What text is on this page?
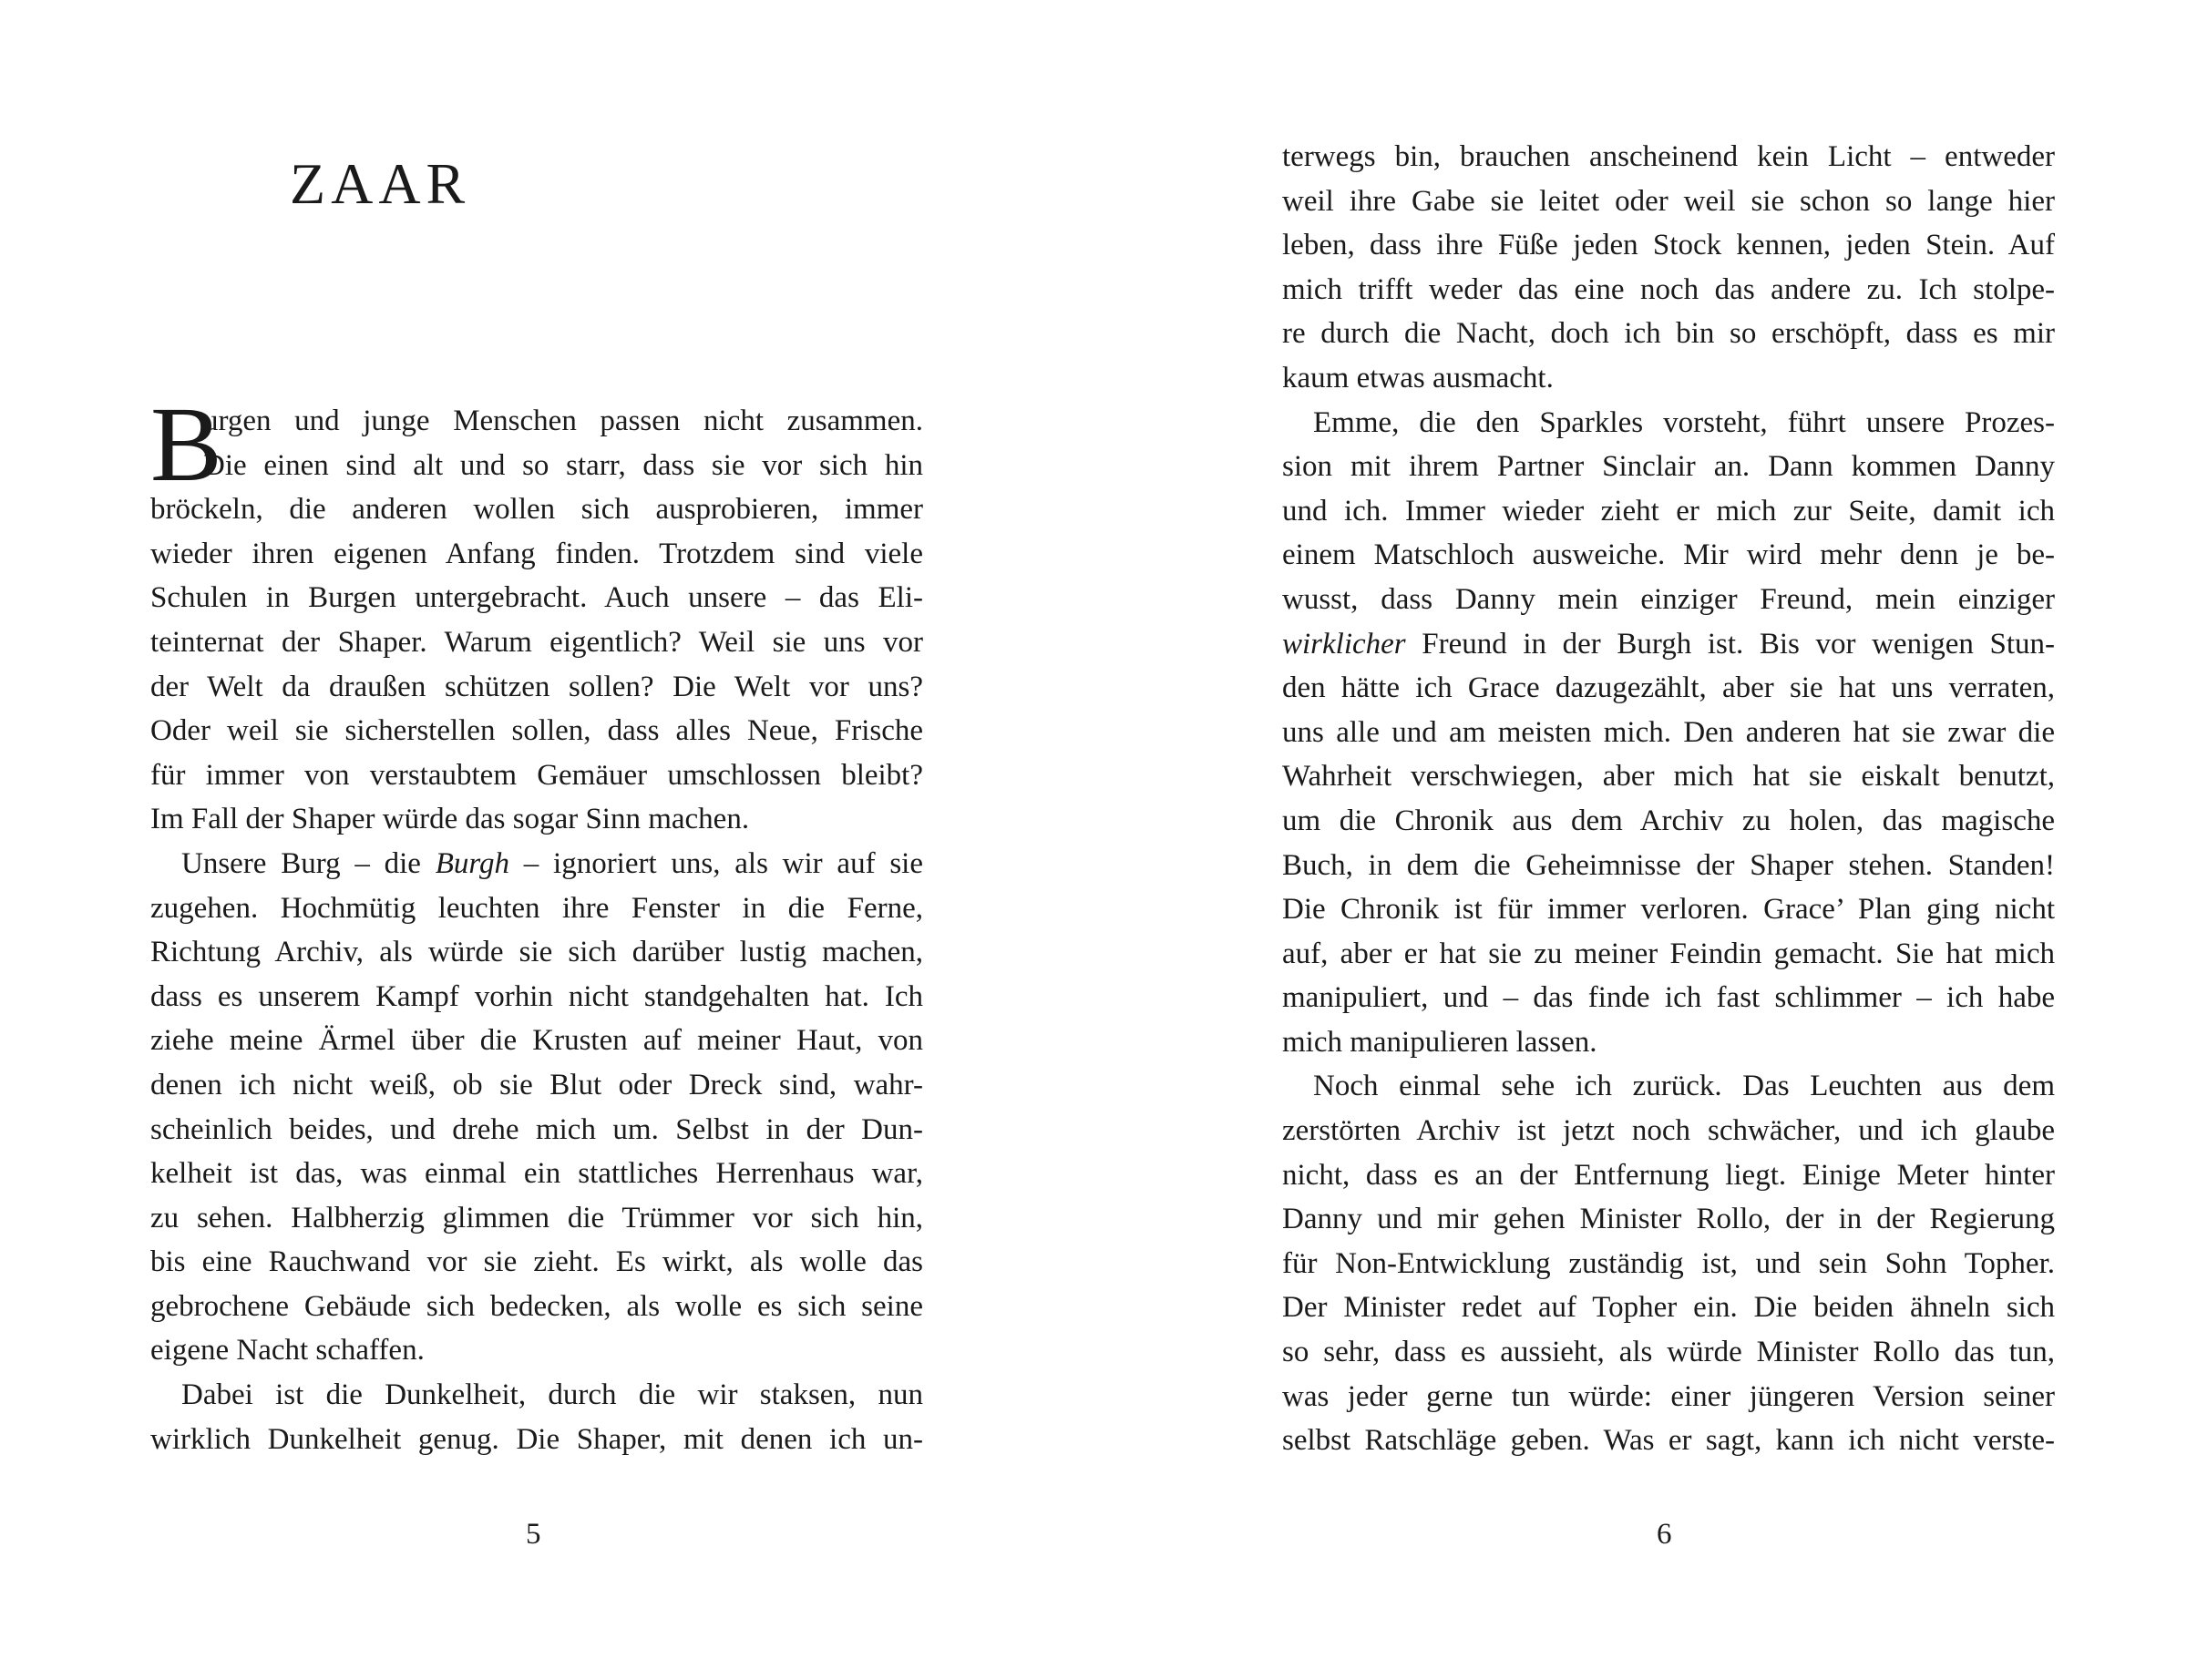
ZAAR
B
urgen und junge Menschen passen nicht zusammen.
Die einen sind alt und so starr, dass sie vor sich hin
bröckeln, die anderen wollen sich ausprobieren, immer
wieder ihren eigenen Anfang finden. Trotzdem sind viele
Schulen in Burgen untergebracht. Auch unsere – das Eli-
teinternat der Shaper. Warum eigentlich? Weil sie uns vor
der Welt da draußen schützen sollen? Die Welt vor uns?
Oder weil sie sicherstellen sollen, dass alles Neue, Frische
für immer von verstaubtem Gemäuer umschlossen bleibt?
Im Fall der Shaper würde das sogar Sinn machen.
Unsere Burg – die Burgh – ignoriert uns, als wir auf sie
zugehen. Hochmütig leuchten ihre Fenster in die Ferne,
Richtung Archiv, als würde sie sich darüber lustig machen,
dass es unserem Kampf vorhin nicht standgehalten hat. Ich
ziehe meine Ärmel über die Krusten auf meiner Haut, von
denen ich nicht weiß, ob sie Blut oder Dreck sind, wahr-
scheinlich beides, und drehe mich um. Selbst in der Dun-
kelheit ist das, was einmal ein stattliches Herrenhaus war,
zu sehen. Halbherzig glimmen die Trümmer vor sich hin,
bis eine Rauchwand vor sie zieht. Es wirkt, als wolle das
gebrochene Gebäude sich bedecken, als wolle es sich seine
eigene Nacht schaffen.
Dabei ist die Dunkelheit, durch die wir staksen, nun
wirklich Dunkelheit genug. Die Shaper, mit denen ich un-
5
terwegs bin, brauchen anscheinend kein Licht – entweder
weil ihre Gabe sie leitet oder weil sie schon so lange hier
leben, dass ihre Füße jeden Stock kennen, jeden Stein. Auf
mich trifft weder das eine noch das andere zu. Ich stolpe-
re durch die Nacht, doch ich bin so erschöpft, dass es mir
kaum etwas ausmacht.
Emme, die den Sparkles vorsteht, führt unsere Prozes-
sion mit ihrem Partner Sinclair an. Dann kommen Danny
und ich. Immer wieder zieht er mich zur Seite, damit ich
einem Matschloch ausweiche. Mir wird mehr denn je be-
wusst, dass Danny mein einziger Freund, mein einziger
wirklicher Freund in der Burgh ist. Bis vor wenigen Stun-
den hätte ich Grace dazugezählt, aber sie hat uns verraten,
uns alle und am meisten mich. Den anderen hat sie zwar die
Wahrheit verschwiegen, aber mich hat sie eiskalt benutzt,
um die Chronik aus dem Archiv zu holen, das magische
Buch, in dem die Geheimnisse der Shaper stehen. Standen!
Die Chronik ist für immer verloren. Grace’ Plan ging nicht
auf, aber er hat sie zu meiner Feindin gemacht. Sie hat mich
manipuliert, und – das finde ich fast schlimmer – ich habe
mich manipulieren lassen.
Noch einmal sehe ich zurück. Das Leuchten aus dem
zerstörten Archiv ist jetzt noch schwächer, und ich glaube
nicht, dass es an der Entfernung liegt. Einige Meter hinter
Danny und mir gehen Minister Rollo, der in der Regierung
für Non-Entwicklung zuständig ist, und sein Sohn Topher.
Der Minister redet auf Topher ein. Die beiden ähneln sich
so sehr, dass es aussieht, als würde Minister Rollo das tun,
was jeder gerne tun würde: einer jüngeren Version seiner
selbst Ratschläge geben. Was er sagt, kann ich nicht verste-
6
